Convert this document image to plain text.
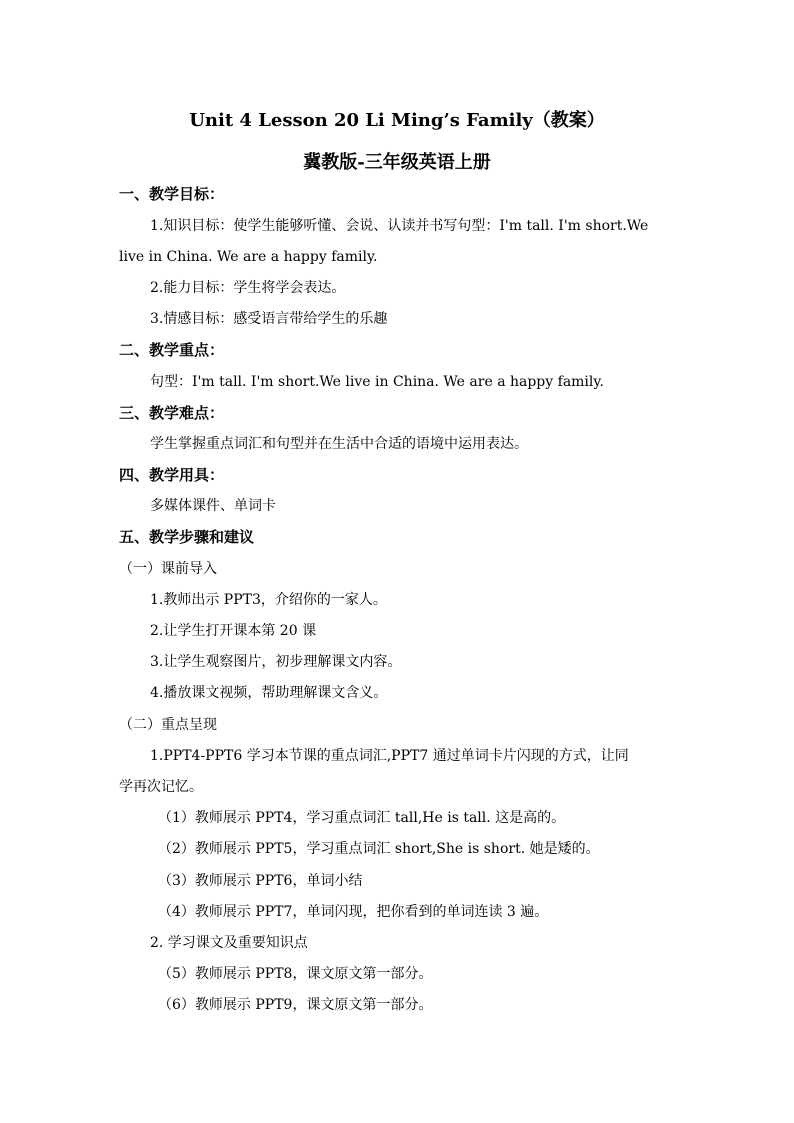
Unit 4 Lesson 20 Li Ming’s Family（教案）
冀教版-三年级英语上册
一、教学目标：
1.知识目标：使学生能够听懂、会说、认读并书写句型：I'm tall. I'm short.We
live in China. We are a happy family.
2.能力目标：学生将学会表达。
3.情感目标：感受语言带给学生的乐趣
二、教学重点：
句型：I'm tall. I'm short.We live in China. We are a happy family.
三、教学难点：
学生掌握重点词汇和句型并在生活中合适的语境中运用表达。
四、教学用具：
多媒体课件、单词卡
五、教学步骤和建议
（一）课前导入
1.教师出示 PPT3，介绍你的一家人。
2.让学生打开课本第 20 课
3.让学生观察图片，初步理解课文内容。
4.播放课文视频，帮助理解课文含义。
（二）重点呈现
1.PPT4-PPT6 学习本节课的重点词汇,PPT7 通过单词卡片闪现的方式，让同
学再次记忆。
（1）教师展示 PPT4，学习重点词汇 tall,He is tall. 这是高的。
（2）教师展示 PPT5，学习重点词汇 short,She is short. 她是矮的。
（3）教师展示 PPT6，单词小结
（4）教师展示 PPT7，单词闪现，把你看到的单词连读 3 遍。
2. 学习课文及重要知识点
（5）教师展示 PPT8，课文原文第一部分。
（6）教师展示 PPT9，课文原文第一部分。
